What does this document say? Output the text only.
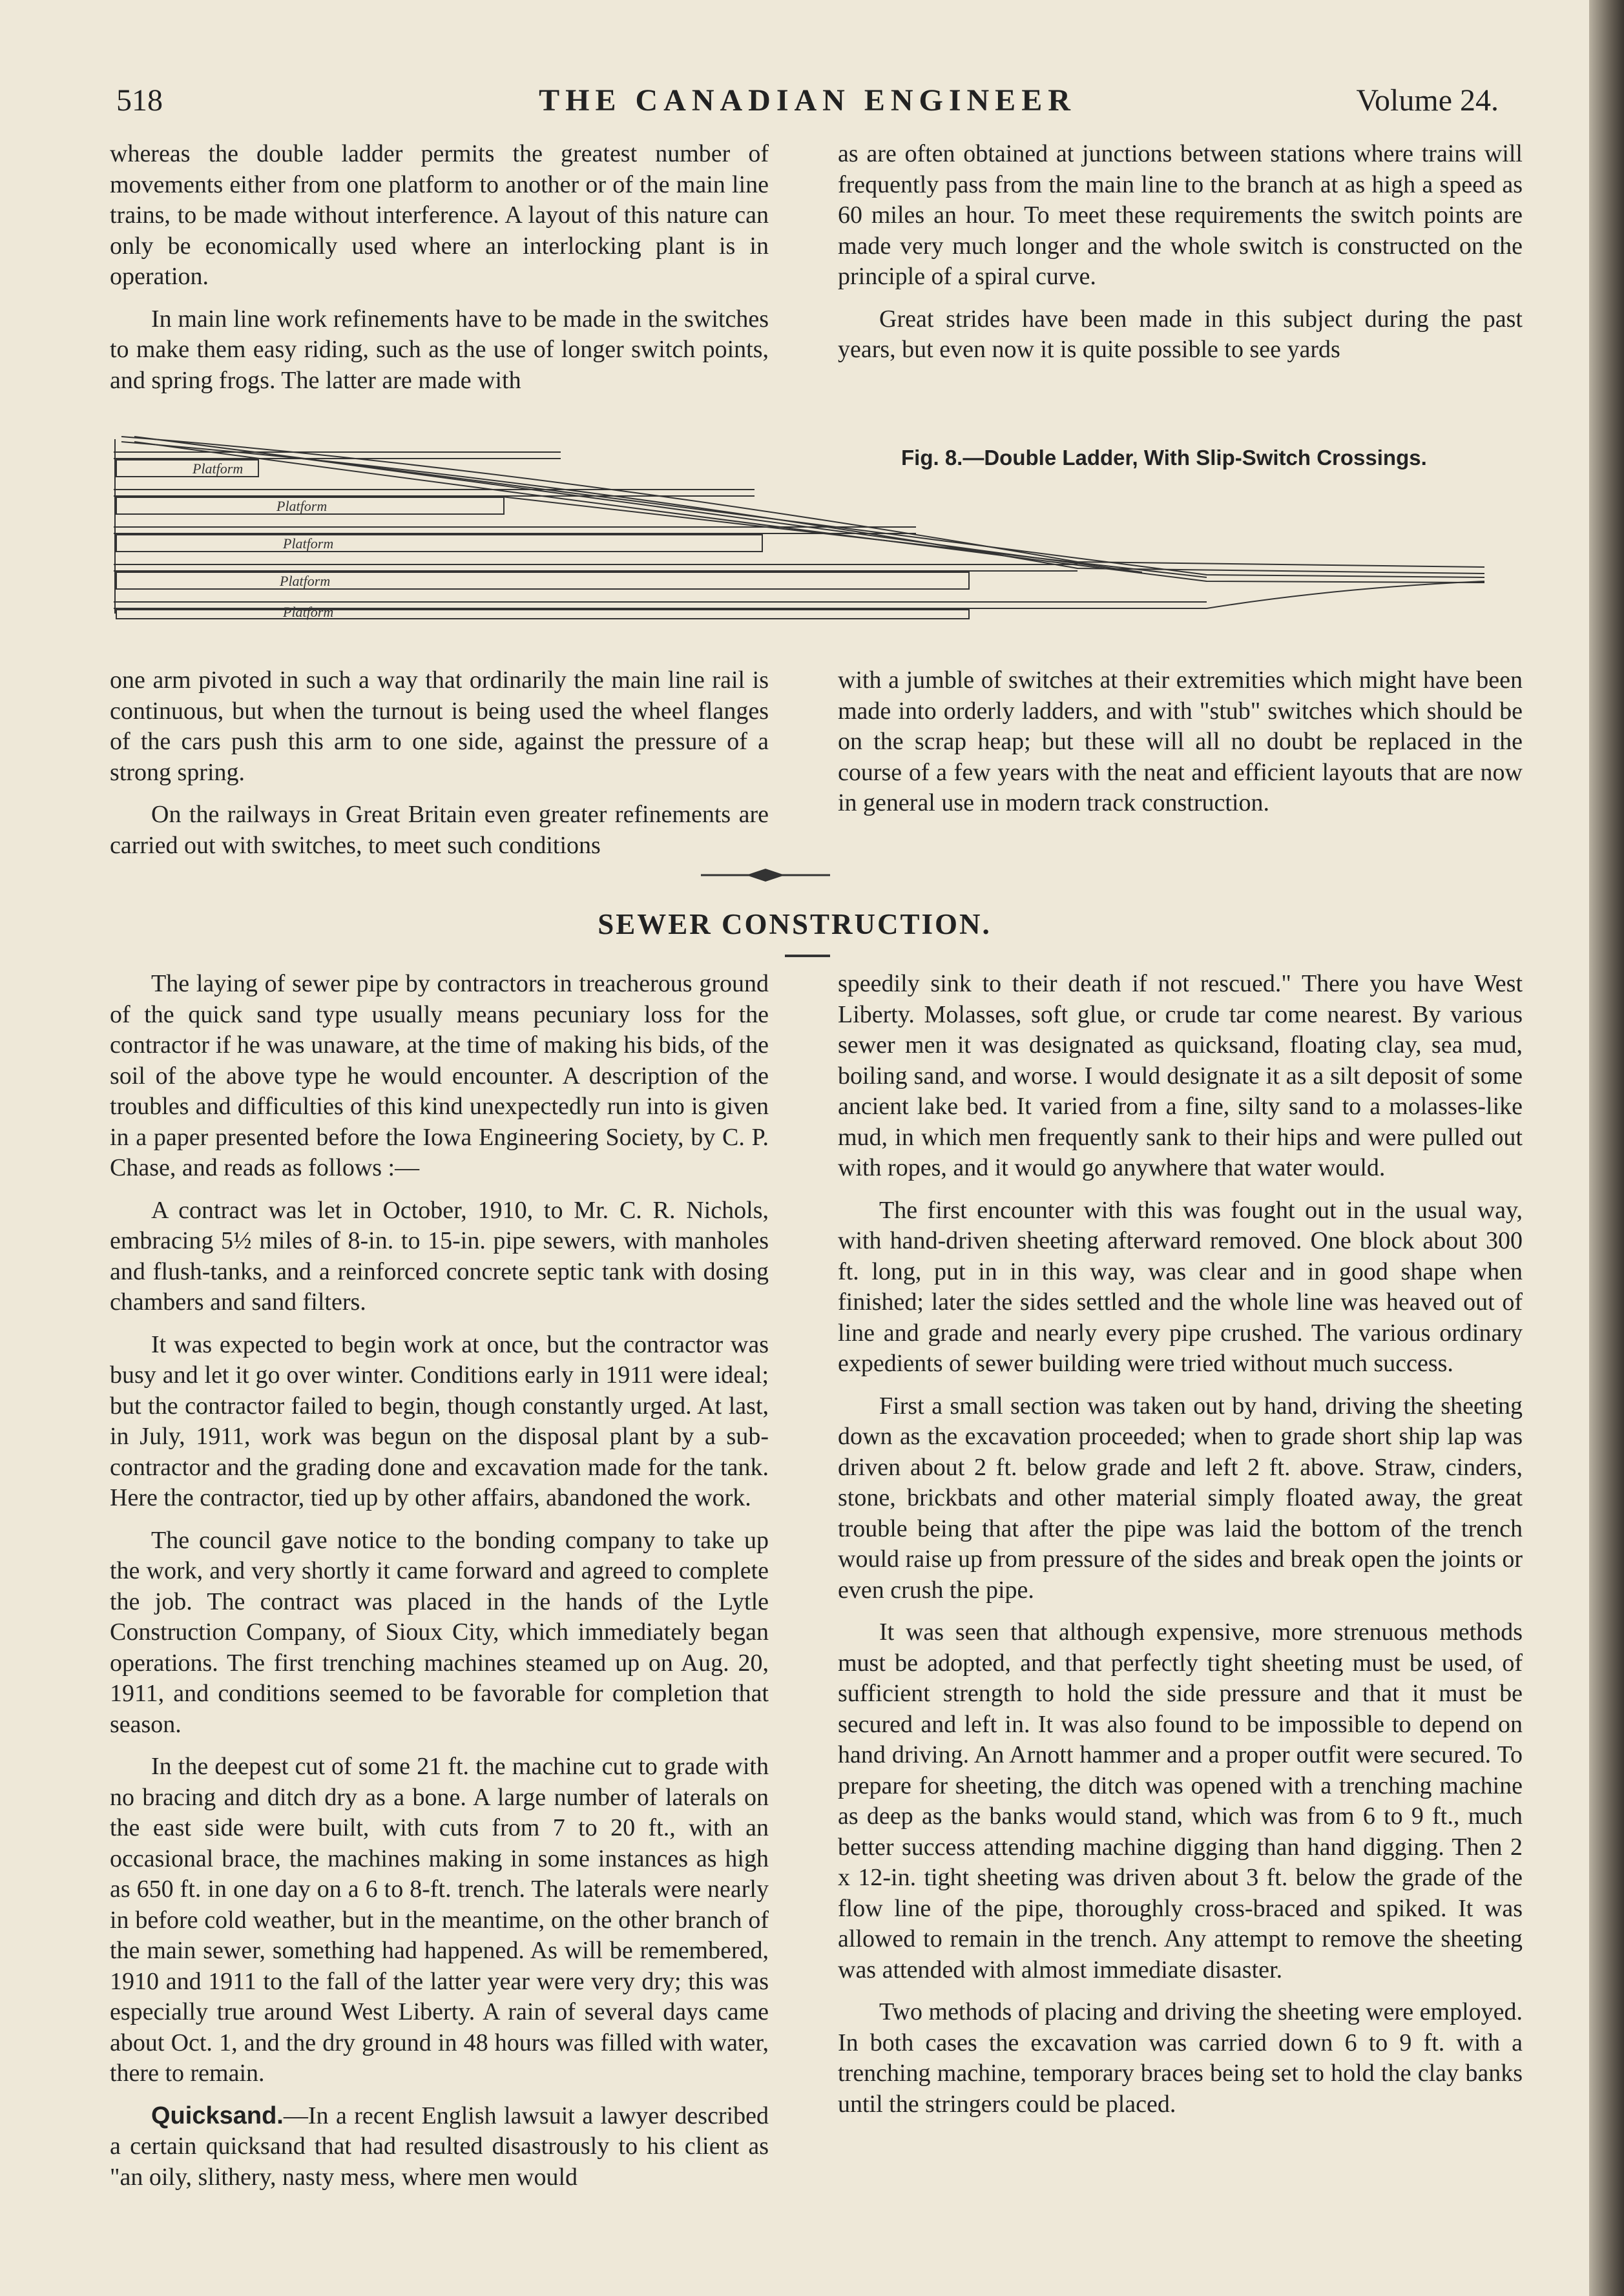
518	THE CANADIAN ENGINEER	Volume 24.

whereas the double ladder permits the greatest number of movements either from one platform to another or of the main line trains, to be made without interference. A layout of this nature can only be economically used where an interlocking plant is in operation.

In main line work refinements have to be made in the switches to make them easy riding, such as the use of longer switch points, and spring frogs. The latter are made with

as are often obtained at junctions between stations where trains will frequently pass from the main line to the branch at as high a speed as 60 miles an hour. To meet these requirements the switch points are made very much longer and the whole switch is constructed on the principle of a spiral curve.

Great strides have been made in this subject during the past years, but even now it is quite possible to see yards

Platform
Platform
Platform
Platform
Platform
Fig. 8.—Double Ladder, With Slip-Switch Crossings.

one arm pivoted in such a way that ordinarily the main line rail is continuous, but when the turnout is being used the wheel flanges of the cars push this arm to one side, against the pressure of a strong spring.

On the railways in Great Britain even greater refinements are carried out with switches, to meet such conditions

with a jumble of switches at their extremities which might have been made into orderly ladders, and with "stub" switches which should be on the scrap heap; but these will all no doubt be replaced in the course of a few years with the neat and efficient layouts that are now in general use in modern track construction.

SEWER CONSTRUCTION.

The laying of sewer pipe by contractors in treacherous ground of the quick sand type usually means pecuniary loss for the contractor if he was unaware, at the time of making his bids, of the soil of the above type he would encounter. A description of the troubles and difficulties of this kind unexpectedly run into is given in a paper presented before the Iowa Engineering Society, by C. P. Chase, and reads as follows :—

A contract was let in October, 1910, to Mr. C. R. Nichols, embracing 5½ miles of 8-in. to 15-in. pipe sewers, with manholes and flush-tanks, and a reinforced concrete septic tank with dosing chambers and sand filters.

It was expected to begin work at once, but the contractor was busy and let it go over winter. Conditions early in 1911 were ideal; but the contractor failed to begin, though constantly urged. At last, in July, 1911, work was begun on the disposal plant by a sub-contractor and the grading done and excavation made for the tank. Here the contractor, tied up by other affairs, abandoned the work.

The council gave notice to the bonding company to take up the work, and very shortly it came forward and agreed to complete the job. The contract was placed in the hands of the Lytle Construction Company, of Sioux City, which immediately began operations. The first trenching machines steamed up on Aug. 20, 1911, and conditions seemed to be favorable for completion that season.

In the deepest cut of some 21 ft. the machine cut to grade with no bracing and ditch dry as a bone. A large number of laterals on the east side were built, with cuts from 7 to 20 ft., with an occasional brace, the machines making in some instances as high as 650 ft. in one day on a 6 to 8-ft. trench. The laterals were nearly in before cold weather, but in the meantime, on the other branch of the main sewer, something had happened. As will be remembered, 1910 and 1911 to the fall of the latter year were very dry; this was especially true around West Liberty. A rain of several days came about Oct. 1, and the dry ground in 48 hours was filled with water, there to remain.

Quicksand.—In a recent English lawsuit a lawyer described a certain quicksand that had resulted disastrously to his client as "an oily, slithery, nasty mess, where men would

speedily sink to their death if not rescued." There you have West Liberty. Molasses, soft glue, or crude tar come nearest. By various sewer men it was designated as quicksand, floating clay, sea mud, boiling sand, and worse. I would designate it as a silt deposit of some ancient lake bed. It varied from a fine, silty sand to a molasses-like mud, in which men frequently sank to their hips and were pulled out with ropes, and it would go anywhere that water would.

The first encounter with this was fought out in the usual way, with hand-driven sheeting afterward removed. One block about 300 ft. long, put in in this way, was clear and in good shape when finished; later the sides settled and the whole line was heaved out of line and grade and nearly every pipe crushed. The various ordinary expedients of sewer building were tried without much success.

First a small section was taken out by hand, driving the sheeting down as the excavation proceeded; when to grade short ship lap was driven about 2 ft. below grade and left 2 ft. above. Straw, cinders, stone, brickbats and other material simply floated away, the great trouble being that after the pipe was laid the bottom of the trench would raise up from pressure of the sides and break open the joints or even crush the pipe.

It was seen that although expensive, more strenuous methods must be adopted, and that perfectly tight sheeting must be used, of sufficient strength to hold the side pressure and that it must be secured and left in. It was also found to be impossible to depend on hand driving. An Arnott hammer and a proper outfit were secured. To prepare for sheeting, the ditch was opened with a trenching machine as deep as the banks would stand, which was from 6 to 9 ft., much better success attending machine digging than hand digging. Then 2 x 12-in. tight sheeting was driven about 3 ft. below the grade of the flow line of the pipe, thoroughly cross-braced and spiked. It was allowed to remain in the trench. Any attempt to remove the sheeting was attended with almost immediate disaster.

Two methods of placing and driving the sheeting were employed. In both cases the excavation was carried down 6 to 9 ft. with a trenching machine, temporary braces being set to hold the clay banks until the stringers could be placed.
